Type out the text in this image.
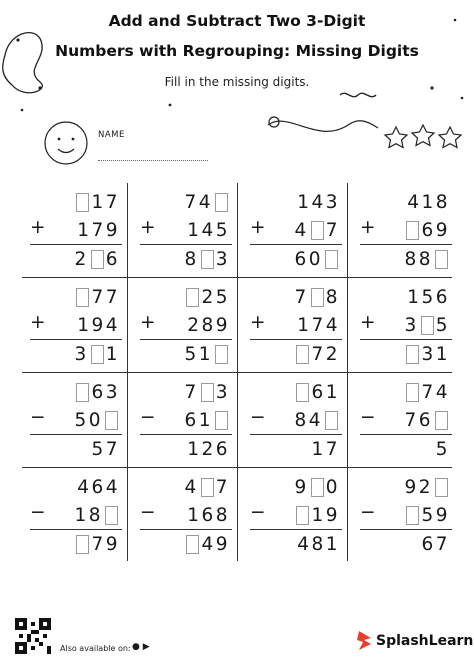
Add and Subtract Two 3-Digit
Numbers with Regrouping: Missing Digits
Fill in the missing digits.
NAME
17
+ 179
2 6
74
+ 145
8 3
143
+ 4 7
60
418
+ 69
88
77
+ 194
3 1
25
+ 289
51
7 8
+ 174
72
156
+ 3 5
31
63
− 50
57
7 3
− 61
126
61
− 84
17
74
− 76
5
464
− 18
79
4 7
− 168
49
9 0
− 19
481
92
− 59
67
Also available on: ● ▶	SplashLearn
